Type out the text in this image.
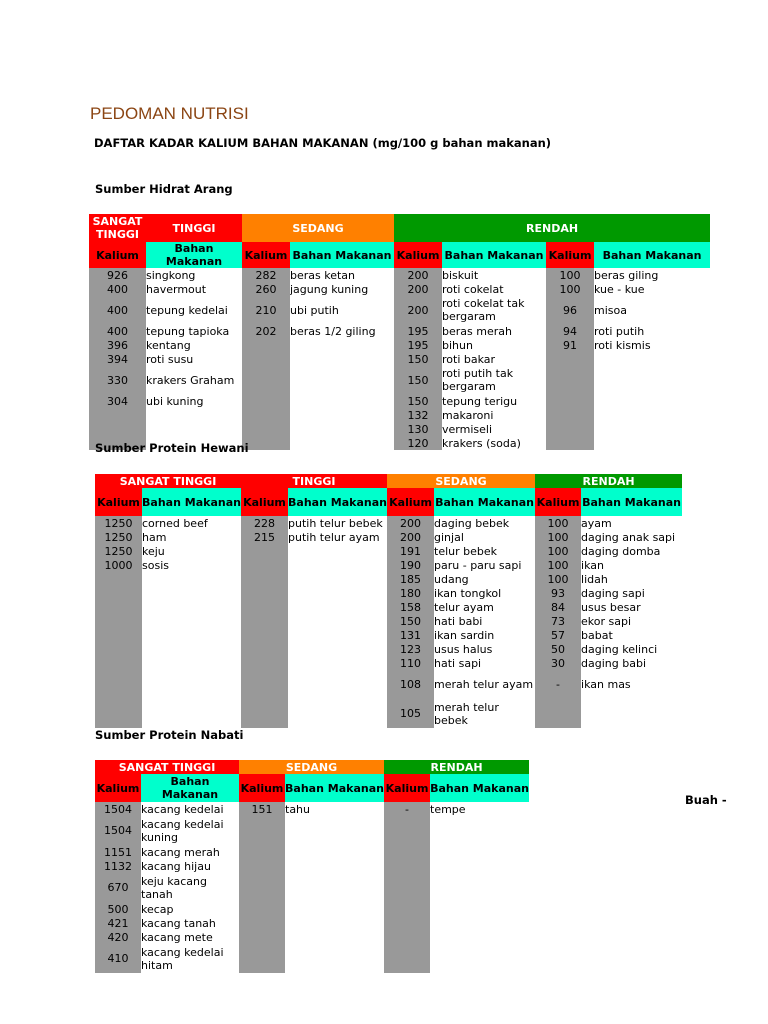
PEDOMAN NUTRISI
DAFTAR KADAR KALIUM BAHAN MAKANAN (mg/100 g bahan makanan)
Sumber Hidrat Arang
SANGAT TINGGI	TINGGI	SEDANG		RENDAH			
Kalium	Bahan Makanan	Kalium	Bahan Makanan	Kalium	Bahan Makanan	Kalium	Bahan Makanan
926	singkong	282	beras ketan	200	biskuit	100	beras giling
400	havermout	260	jagung kuning	200	roti cokelat	100	kue - kue
400	tepung kedelai	210	ubi putih	200	roti cokelat tak bergaram	96	misoa
400	tepung tapioka	202	beras 1/2 giling	195	beras merah	94	roti putih
396	kentang			195	bihun	91	roti kismis
394	roti susu			150	roti bakar		
330	krakers Graham			150	roti putih tak bergaram		
304	ubi kuning			150	tepung terigu		
				132	makaroni		
				130	vermiseli		
				120	krakers (soda)		
Sumber Protein Hewani
SANGAT TINGGI		TINGGI		SEDANG		RENDAH	
Kalium	Bahan Makanan	Kalium	Bahan Makanan	Kalium	Bahan Makanan	Kalium	Bahan Makanan
1250	corned beef	228	putih telur bebek	200	daging bebek	100	ayam
1250	ham	215	putih telur ayam	200	ginjal	100	daging anak sapi
1250	keju			191	telur bebek	100	daging domba
1000	sosis			190	paru - paru sapi	100	ikan
				185	udang	100	lidah
				180	ikan tongkol	93	daging sapi
				158	telur ayam	84	usus besar
				150	hati babi	73	ekor sapi
				131	ikan sardin	57	babat
				123	usus halus	50	daging kelinci
				110	hati sapi	30	daging babi
				108	merah telur ayam	-	ikan mas
				105	merah telur bebek		
Sumber Protein Nabati
Buah -
SANGAT TINGGI		SEDANG		RENDAH	
Kalium	Bahan Makanan	Kalium	Bahan Makanan	Kalium	Bahan Makanan
1504	kacang kedelai	151	tahu	-	tempe
1504	kacang kedelai kuning				
1151	kacang merah				
1132	kacang hijau				
670	keju kacang tanah				
500	kecap				
421	kacang tanah				
420	kacang mete				
410	kacang kedelai hitam				
